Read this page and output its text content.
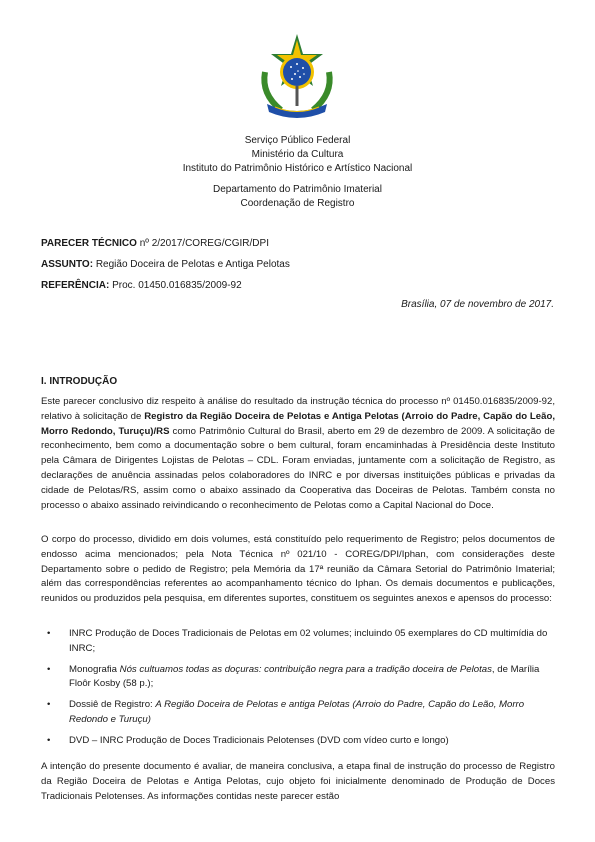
Serviço Público Federal
Ministério da Cultura
Instituto do Patrimônio Histórico e Artístico Nacional
Departamento do Patrimônio Imaterial
Coordenação de Registro
PARECER TÉCNICO nº 2/2017/COREG/CGIR/DPI
ASSUNTO: Região Doceira de Pelotas e Antiga Pelotas
REFERÊNCIA: Proc. 01450.016835/2009-92
Brasília, 07 de novembro de 2017.
I. INTRODUÇÃO

Este parecer conclusivo diz respeito à análise do resultado da instrução técnica do processo nº 01450.016835/2009-92, relativo à solicitação de Registro da Região Doceira de Pelotas e Antiga Pelotas (Arroio do Padre, Capão do Leão, Morro Redondo, Turuçu)/RS como Patrimônio Cultural do Brasil, aberto em 29 de dezembro de 2009. A solicitação de reconhecimento, bem como a documentação sobre o bem cultural, foram encaminhadas à Presidência deste Instituto pela Câmara de Dirigentes Lojistas de Pelotas – CDL. Foram enviadas, juntamente com a solicitação de Registro, as declarações de anuência assinadas pelos colaboradores do INRC e por diversas instituições públicas e privadas da cidade de Pelotas/RS, assim como o abaixo assinado da Cooperativa das Doceiras de Pelotas. Também consta no processo o abaixo assinado reivindicando o reconhecimento de Pelotas como a Capital Nacional do Doce.

O corpo do processo, dividido em dois volumes, está constituído pelo requerimento de Registro; pelos documentos de endosso acima mencionados; pela Nota Técnica nº 021/10 - COREG/DPI/Iphan, com considerações deste Departamento sobre o pedido de Registro; pela Memória da 17ª reunião da Câmara Setorial do Patrimônio Imaterial; além das correspondências referentes ao acompanhamento técnico do Iphan. Os demais documentos e publicações, reunidos ou produzidos pela pesquisa, em diferentes suportes, constituem os seguintes anexos e apensos do processo:

• INRC Produção de Doces Tradicionais de Pelotas em 02 volumes; incluindo 05 exemplares do CD multimídia do INRC;
• Monografia Nós cultuamos todas as doçuras: contribuição negra para a tradição doceira de Pelotas, de Marília Floôr Kosby (58 p.);
• Dossiê de Registro: A Região Doceira de Pelotas e antiga Pelotas (Arroio do Padre, Capão do Leão, Morro Redondo e Turuçu)
• DVD – INRC Produção de Doces Tradicionais Pelotenses (DVD com vídeo curto e longo)

A intenção do presente documento é avaliar, de maneira conclusiva, a etapa final de instrução do processo de Registro da Região Doceira de Pelotas e Antiga Pelotas, cujo objeto foi inicialmente denominado de Produção de Doces Tradicionais Pelotenses. As informações contidas neste parecer estão
